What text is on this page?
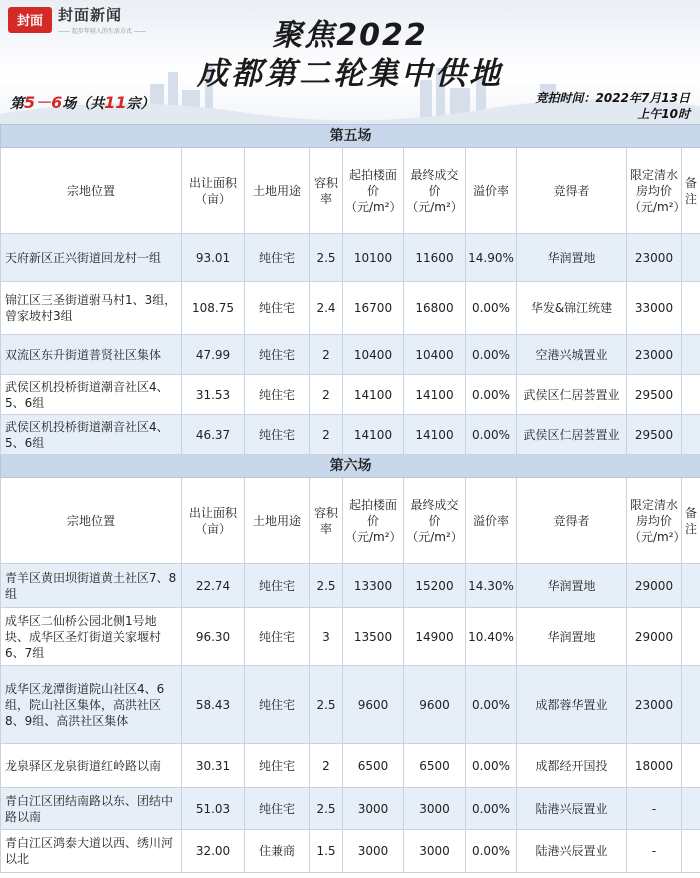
封面	封面新闻
—— 起步年轻人的生活方式 ——	聚焦2022
成都第二轮集中供地
第5－6场（共11宗）	竞拍时间：2022年7月13日
上午10时
第五场									
宗地位置	出让面积（亩）	土地用途	容积率	起拍楼面价（元/m²）	最终成交价（元/m²）	溢价率	竞得者	限定清水房均价（元/m²）	备注
天府新区正兴街道回龙村一组	93.01	纯住宅	2.5	10100	11600	14.90%	华润置地	23000	
锦江区三圣街道驸马村1、3组，曾家坡村3组	108.75	纯住宅	2.4	16700	16800	0.00%	华发&锦江统建	33000	
双流区东升街道普贤社区集体	47.99	纯住宅	2	10400	10400	0.00%	空港兴城置业	23000	
武侯区机投桥街道潮音社区4、5、6组	31.53	纯住宅	2	14100	14100	0.00%	武侯区仁居荟置业	29500	
武侯区机投桥街道潮音社区4、5、6组	46.37	纯住宅	2	14100	14100	0.00%	武侯区仁居荟置业	29500	
第六场									
宗地位置	出让面积（亩）	土地用途	容积率	起拍楼面价（元/m²）	最终成交价（元/m²）	溢价率	竞得者	限定清水房均价（元/m²）	备注
青羊区黄田坝街道黄土社区7、8组	22.74	纯住宅	2.5	13300	15200	14.30%	华润置地	29000	
成华区二仙桥公园北侧1号地块、成华区圣灯街道关家堰村6、7组	96.30	纯住宅	3	13500	14900	10.40%	华润置地	29000	
成华区龙潭街道院山社区4、6组，院山社区集体，高洪社区8、9组、高洪社区集体	58.43	纯住宅	2.5	9600	9600	0.00%	成都蓉华置业	23000	
龙泉驿区龙泉街道红岭路以南	30.31	纯住宅	2	6500	6500	0.00%	成都经开国投	18000	
青白江区团结南路以东、团结中路以南	51.03	纯住宅	2.5	3000	3000	0.00%	陆港兴辰置业	-	
青白江区鸿泰大道以西、绣川河以北	32.00	住兼商	1.5	3000	3000	0.00%	陆港兴辰置业	-	
